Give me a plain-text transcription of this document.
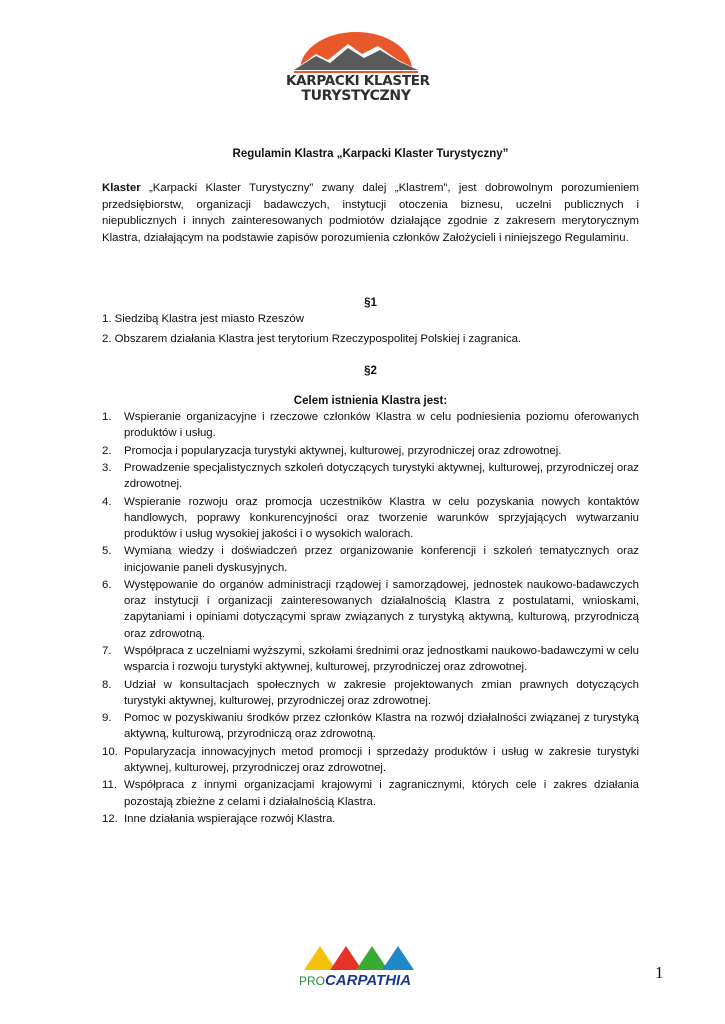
KARPACKI KLASTER
TURYSTYCZNY
Regulamin Klastra „Karpacki Klaster Turystyczny”
Klaster „Karpacki Klaster Turystyczny” zwany dalej „Klastrem”, jest dobrowolnym porozumieniem przedsiębiorstw, organizacji badawczych, instytucji otoczenia biznesu, uczelni publicznych i niepublicznych i innych zainteresowanych podmiotów działające zgodnie z zakresem merytorycznym Klastra, działającym na podstawie zapisów porozumienia członków Założycieli i niniejszego Regulaminu.
§1
1. Siedzibą Klastra jest miasto Rzeszów
2. Obszarem działania Klastra jest terytorium Rzeczypospolitej Polskiej i zagranica.
§2
Celem istnienia Klastra jest:
1. Wspieranie organizacyjne i rzeczowe członków Klastra w celu podniesienia poziomu oferowanych produktów i usług.
2. Promocja i popularyzacja turystyki aktywnej, kulturowej, przyrodniczej oraz zdrowotnej.
3. Prowadzenie specjalistycznych szkoleń dotyczących turystyki aktywnej, kulturowej, przyrodniczej oraz zdrowotnej.
4. Wspieranie rozwoju oraz promocja uczestników Klastra w celu pozyskania nowych kontaktów handlowych, poprawy konkurencyjności oraz tworzenie warunków sprzyjających wytwarzaniu produktów i usług wysokiej jakości i o wysokich walorach.
5. Wymiana wiedzy i doświadczeń przez organizowanie konferencji i szkoleń tematycznych oraz inicjowanie paneli dyskusyjnych.
6. Występowanie do organów administracji rządowej i samorządowej, jednostek naukowo-badawczych oraz instytucji i organizacji zainteresowanych działalnością Klastra z postulatami, wnioskami, zapytaniami i opiniami dotyczącymi spraw związanych z turystyką aktywną, kulturową, przyrodniczą oraz zdrowotną.
7. Współpraca z uczelniami wyższymi, szkołami średnimi oraz jednostkami naukowo-badawczymi w celu wsparcia i rozwoju turystyki aktywnej, kulturowej, przyrodniczej oraz zdrowotnej.
8. Udział w konsultacjach społecznych w zakresie projektowanych zmian prawnych dotyczących turystyki aktywnej, kulturowej, przyrodniczej oraz zdrowotnej.
9. Pomoc w pozyskiwaniu środków przez członków Klastra na rozwój działalności związanej z turystyką aktywną, kulturową, przyrodniczą oraz zdrowotną.
10. Popularyzacja innowacyjnych metod promocji i sprzedaży produktów i usług w zakresie turystyki aktywnej, kulturowej, przyrodniczej oraz zdrowotnej.
11. Współpraca z innymi organizacjami krajowymi i zagranicznymi, których cele i zakres działania pozostają zbieżne z celami i działalnością Klastra.
12. Inne działania wspierające rozwój Klastra.
PROCARPATHIA	1
